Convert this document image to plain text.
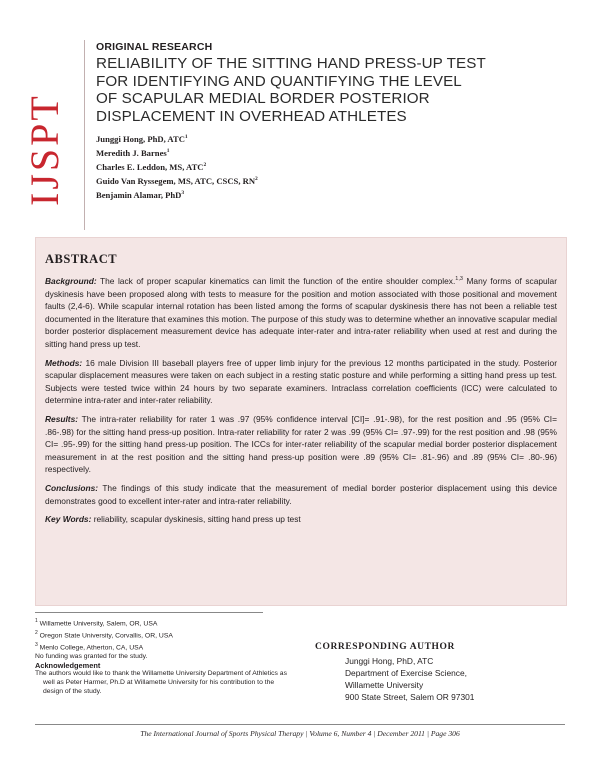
IJSPT
ORIGINAL RESEARCH
RELIABILITY OF THE SITTING HAND PRESS-UP TEST
FOR IDENTIFYING AND QUANTIFYING THE LEVEL
OF SCAPULAR MEDIAL BORDER POSTERIOR
DISPLACEMENT IN OVERHEAD ATHLETES
Junggi Hong, PhD, ATC$^1$
Meredith J. Barnes$^1$
Charles E. Leddon, MS, ATC$^2$
Guido Van Ryssegem, MS, ATC, CSCS, $RN^2$
Benjamin Alamar, PhD$^3$
ABSTRACT

Background: The lack of proper scapular kinematics can limit the function of the entire shoulder complex.$^{1,3}$ Many forms of scapular dyskinesis have been proposed along with tests to measure for the position and motion associated with those positional and movement faults (2,4-6). While scapular internal rotation has been listed among the forms of scapular dyskinesis there has not been a reliable test documented in the literature that examines this motion. The purpose of this study was to determine whether an innovative scapular medial border posterior displacement measurement device has adequate inter-rater and intra-rater reliability when used at rest and during the sitting hand press up test.

Methods: 16 male Division III baseball players free of upper limb injury for the previous 12 months participated in the study. Posterior scapular displacement measures were taken on each subject in a resting static posture and while performing a sitting hand press up test. Subjects were tested twice within 24 hours by two separate examiners. Intraclass correlation coefficients (ICC) were calculated to determine intra-rater and inter-rater reliability.

Results: The intra-rater reliability for rater 1 was .97 (95% confidence interval [CI]= .91-.98), for the rest position and .95 (95% CI= .86-.98) for the sitting hand press-up position. Intra-rater reliability for rater 2 was .99 (95% CI= .97-.99) for the rest position and .98 (95% CI= .95-.99) for the sitting hand press-up position. The ICCs for inter-rater reliability of the scapular medial border posterior displacement measurement in at the rest position and the sitting hand press-up position were .89 (95% CI= .81-.96) and .89 (95% CI= .80-.96) respectively.

Conclusions: The findings of this study indicate that the measurement of medial border posterior displacement using this device demonstrates good to excellent inter-rater and intra-rater reliability.

Key Words: reliability, scapular dyskinesis, sitting hand press up test

$^1$ Willamette University, Salem, OR, USA
$^2$ Oregon State University, Corvallis, OR, USA
$^3$ Menlo College, Atherton, CA, USA
No funding was granted for the study.
Acknowledgement
The authors would like to thank the Willamette University Department of Athletics as well as Peter Harmer, Ph.D at Willamette University for his contribution to the design of the study.
CORRESPONDING AUTHOR
Junggi Hong, PhD, ATC
Department of Exercise Science,
Willamette University
900 State Street, Salem OR 97301
The International Journal of Sports Physical Therapy | Volume 6, Number 4 | December 2011 | Page 306
